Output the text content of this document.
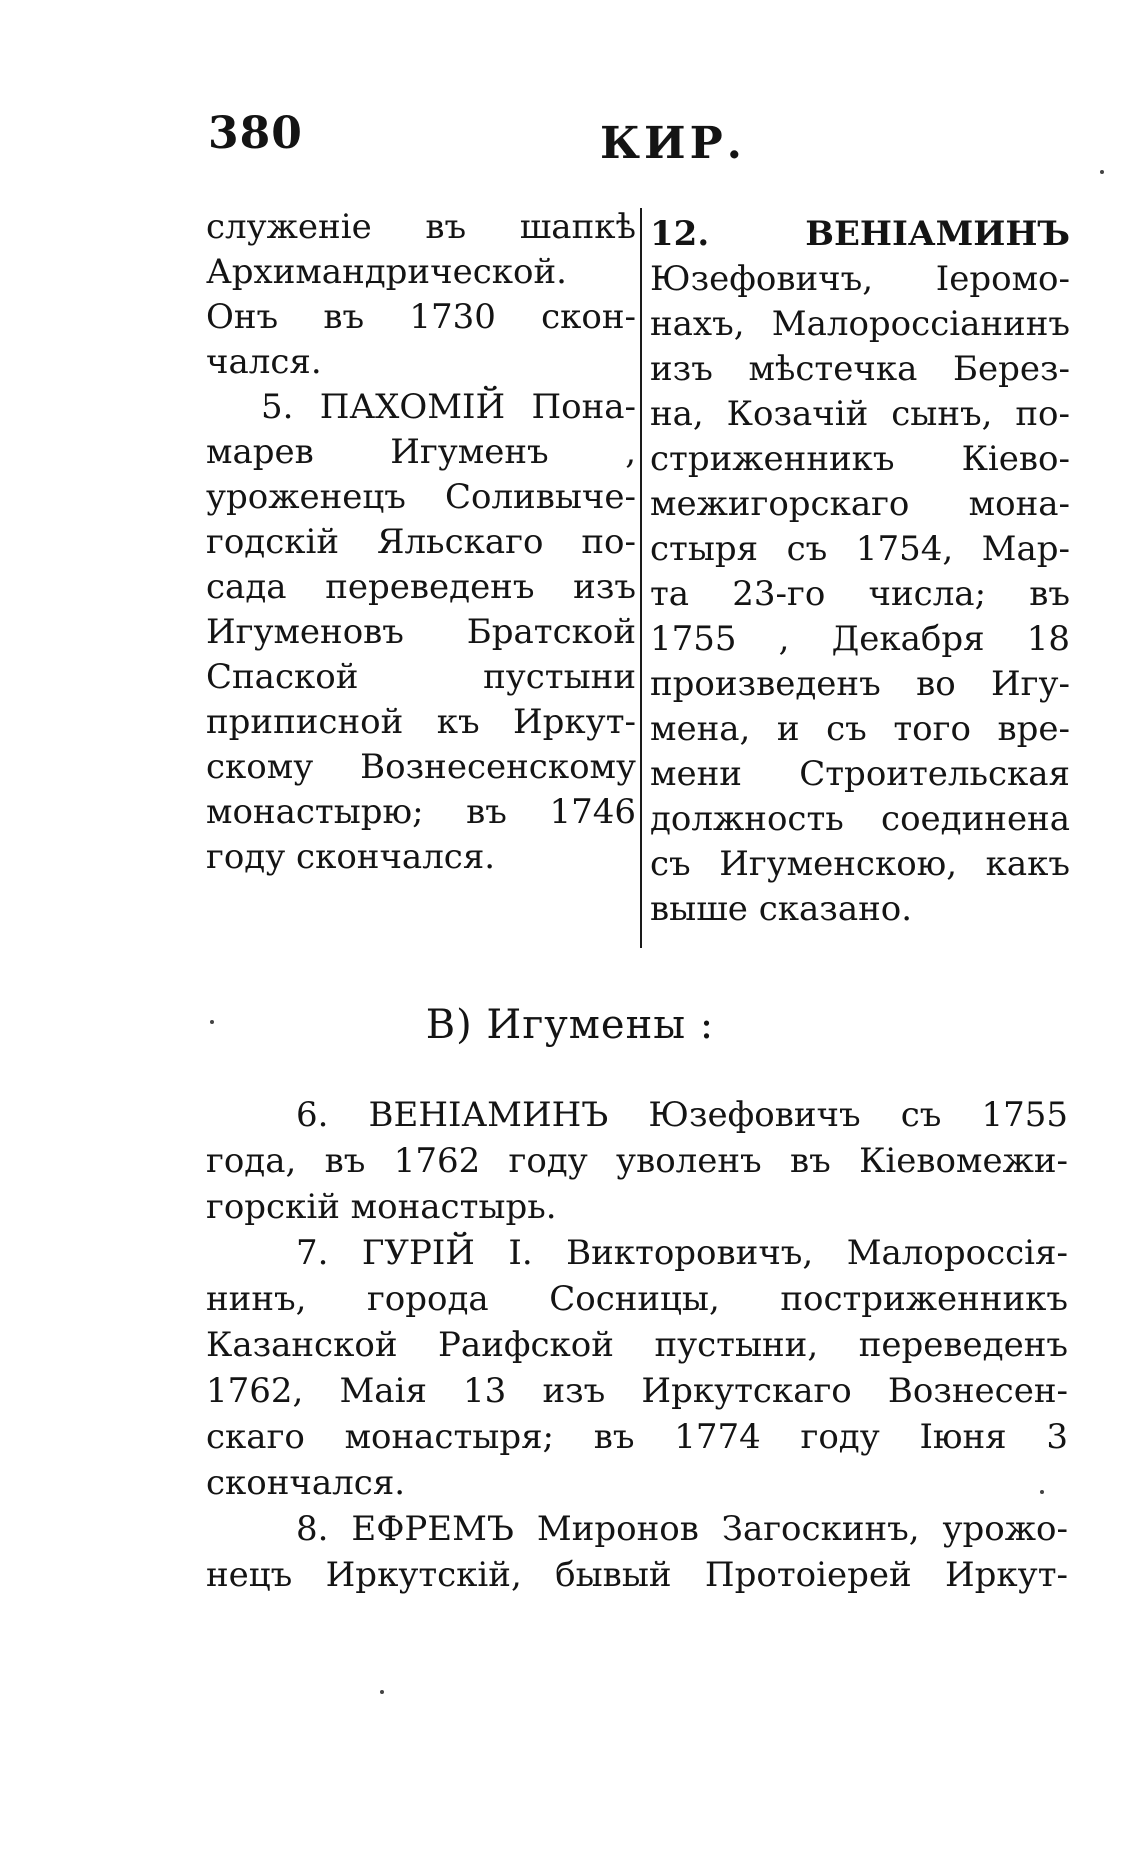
380	КИР.
служеніе въ шапкѣ
Архимандрической.
Онъ въ 1730 скон-
чался.
5. ПАХОМІЙ Пона-
марев Игуменъ ,
уроженецъ Соливыче-
годскій Яльскаго по-
сада переведенъ изъ
Игуменовъ Братской
Спаской пустыни
приписной къ Иркут-
скому Вознесенскому
монастырю; въ 1746
году скончался.
12. ВЕНІАМИНЪ
Юзефовичъ, Іеромо-
нахъ, Малороссіанинъ
изъ мѣстечка Берез-
на, Козачій сынъ, по-
стриженникъ Кіево-
межигорскаго мона-
стыря съ 1754, Мар-
та 23-го числа; въ
1755 , Декабря 18
произведенъ во Игу-
мена, и съ того вре-
мени Строительская
должность соединена
съ Игуменскою, какъ
выше сказано.
В) Игумены :
6. ВЕНІАМИНЪ Юзефовичъ съ 1755
года, въ 1762 году уволенъ въ Кіевомежи-
горскій монастырь.
7. ГУРІЙ I. Викторовичъ, Малороссія-
нинъ, города Сосницы, постриженникъ
Казанской Раифской пустыни, переведенъ
1762, Маія 13 изъ Иркутскаго Вознесен-
скаго монастыря; въ 1774 году Іюня 3
скончался.
8. ЕФРЕМЪ Миронов Загоскинъ, урожо-
нецъ Иркутскій, бывый Протоіерей Иркут-
